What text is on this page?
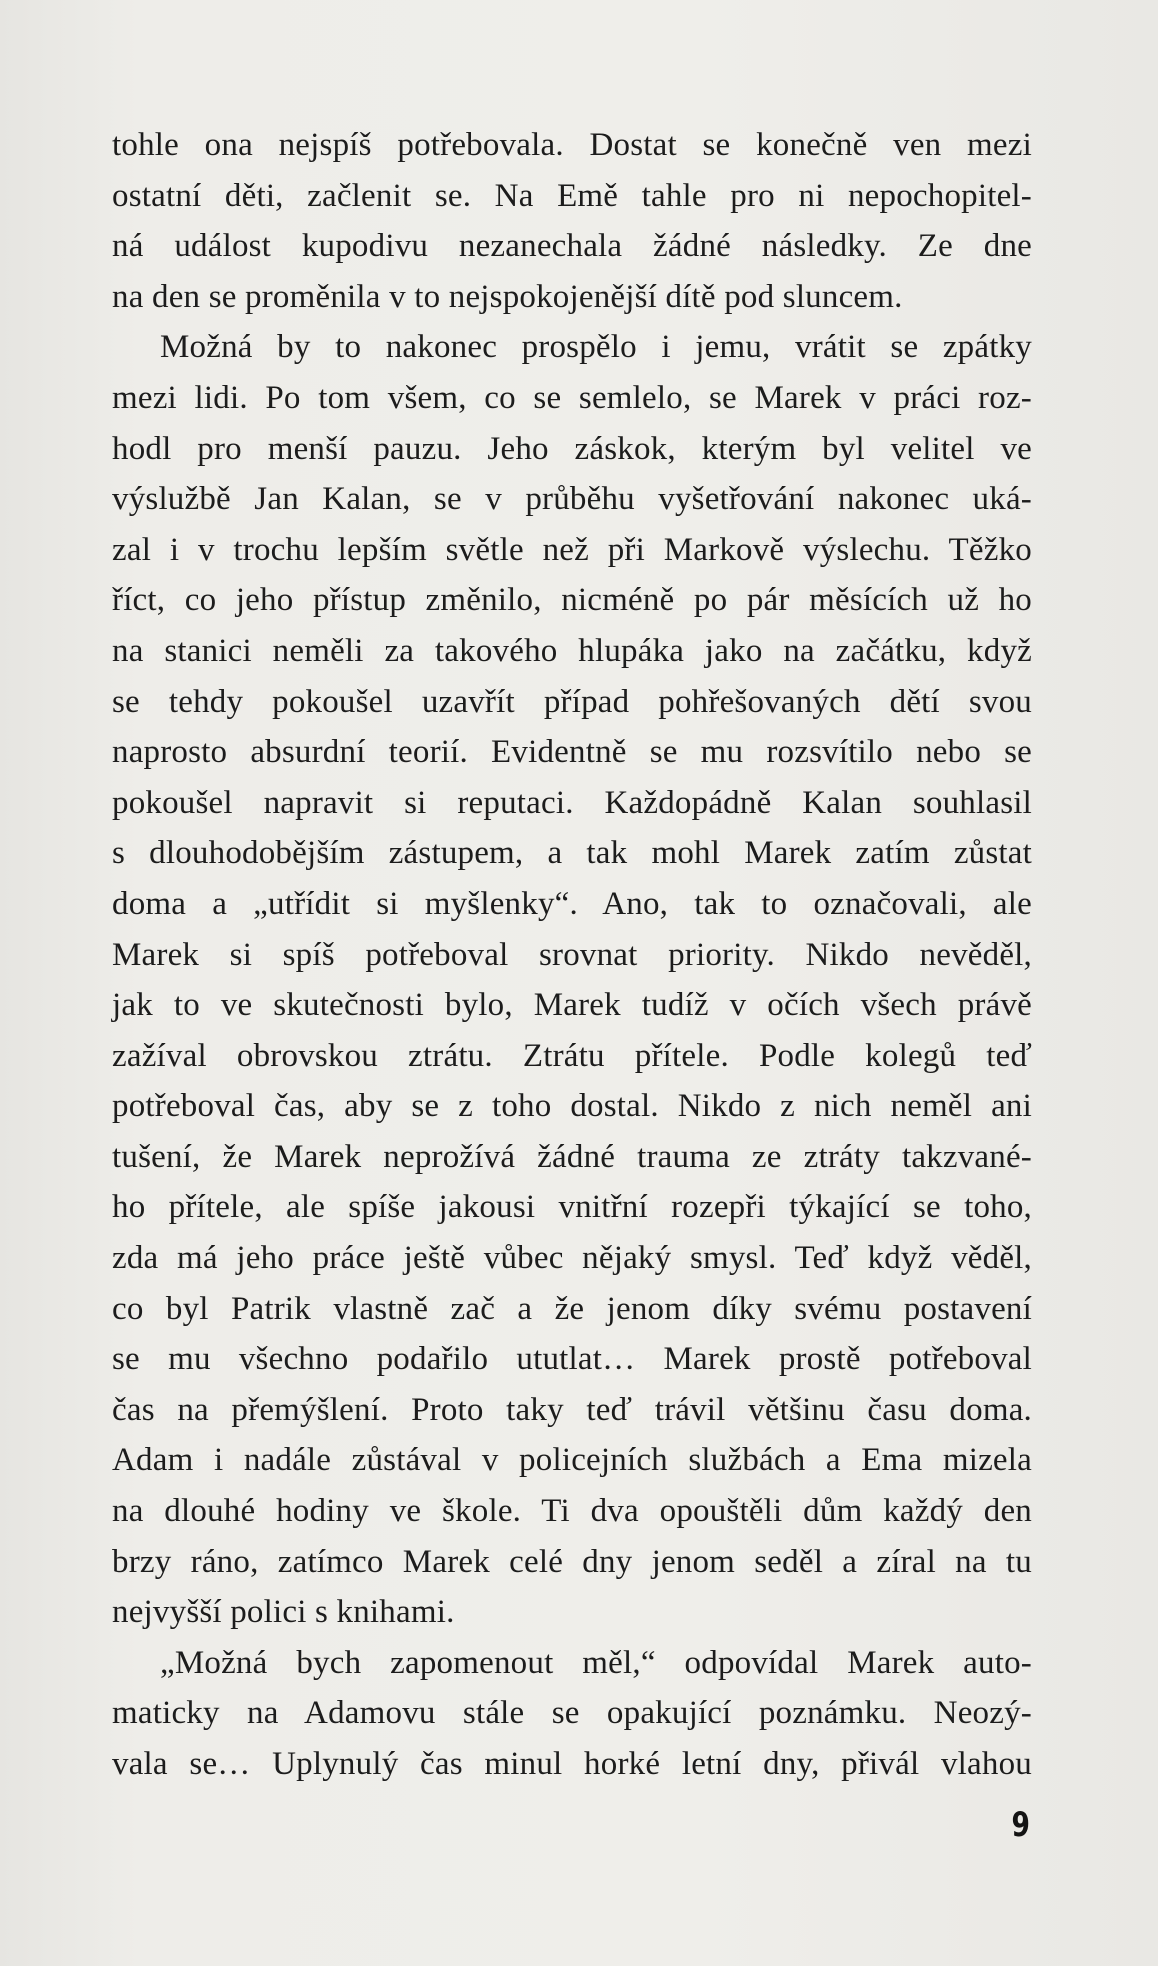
tohle ona nejspíš potřebovala. Dostat se konečně ven mezi
ostatní děti, začlenit se. Na Emě tahle pro ni nepochopitel-
ná událost kupodivu nezanechala žádné následky. Ze dne
na den se proměnila v to nejspokojenější dítě pod sluncem.
Možná by to nakonec prospělo i jemu, vrátit se zpátky
mezi lidi. Po tom všem, co se semlelo, se Marek v práci roz-
hodl pro menší pauzu. Jeho záskok, kterým byl velitel ve
výslužbě Jan Kalan, se v průběhu vyšetřování nakonec uká-
zal i v trochu lepším světle než při Markově výslechu. Těžko
říct, co jeho přístup změnilo, nicméně po pár měsících už ho
na stanici neměli za takového hlupáka jako na začátku, když
se tehdy pokoušel uzavřít případ pohřešovaných dětí svou
naprosto absurdní teorií. Evidentně se mu rozsvítilo nebo se
pokoušel napravit si reputaci. Každopádně Kalan souhlasil
s dlouhodobějším zástupem, a tak mohl Marek zatím zůstat
doma a „utřídit si myšlenky“. Ano, tak to označovali, ale
Marek si spíš potřeboval srovnat priority. Nikdo nevěděl,
jak to ve skutečnosti bylo, Marek tudíž v očích všech právě
zažíval obrovskou ztrátu. Ztrátu přítele. Podle kolegů teď
potřeboval čas, aby se z toho dostal. Nikdo z nich neměl ani
tušení, že Marek neprožívá žádné trauma ze ztráty takzvané-
ho přítele, ale spíše jakousi vnitřní rozepři týkající se toho,
zda má jeho práce ještě vůbec nějaký smysl. Teď když věděl,
co byl Patrik vlastně zač a že jenom díky svému postavení
se mu všechno podařilo ututlat… Marek prostě potřeboval
čas na přemýšlení. Proto taky teď trávil většinu času doma.
Adam i nadále zůstával v policejních službách a Ema mizela
na dlouhé hodiny ve škole. Ti dva opouštěli dům každý den
brzy ráno, zatímco Marek celé dny jenom seděl a zíral na tu
nejvyšší polici s knihami.
„Možná bych zapomenout měl,“ odpovídal Marek auto-
maticky na Adamovu stále se opakující poznámku. Neozý-
vala se… Uplynulý čas minul horké letní dny, přivál vlahou
9
